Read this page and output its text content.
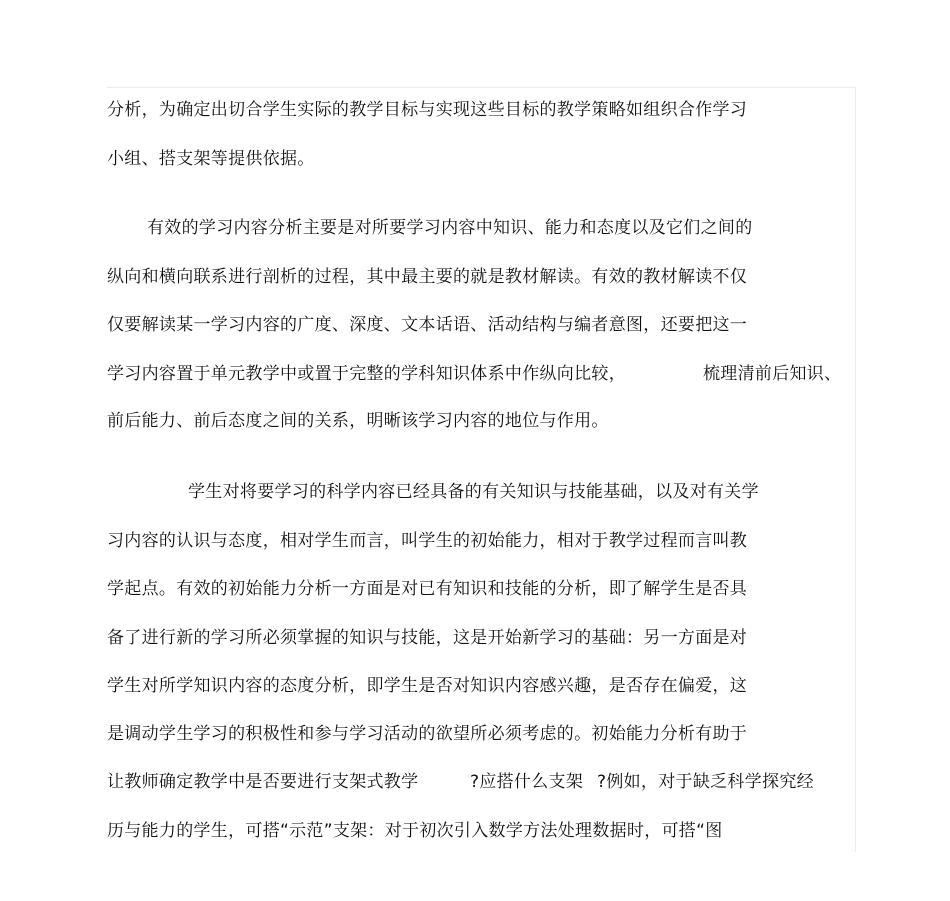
分析，为确定出切合学生实际的教学目标与实现这些目标的教学策略如组织合作学习
小组、搭支架等提供依据。
有效的学习内容分析主要是对所要学习内容中知识、能力和态度以及它们之间的
纵向和横向联系进行剖析的过程，其中最主要的就是教材解读。有效的教材解读不仅
仅要解读某一学习内容的广度、深度、文本话语、活动结构与编者意图，还要把这一
学习内容置于单元教学中或置于完整的学科知识体系中作纵向比较，	梳理清前后知识、
前后能力、前后态度之间的关系，明晰该学习内容的地位与作用。
学生对将要学习的科学内容已经具备的有关知识与技能基础，以及对有关学
习内容的认识与态度，相对学生而言，叫学生的初始能力，相对于教学过程而言叫教
学起点。有效的初始能力分析一方面是对已有知识和技能的分析，即了解学生是否具
备了进行新的学习所必须掌握的知识与技能，这是开始新学习的基础：另一方面是对
学生对所学知识内容的态度分析，即学生是否对知识内容感兴趣，是否存在偏爱，这
是调动学生学习的积极性和参与学习活动的欲望所必须考虑的。初始能力分析有助于
让教师确定教学中是否要进行支架式教学	?应搭什么支架 ?例如，对于缺乏科学探究经
历与能力的学生，可搭“示范”支架：对于初次引入数学方法处理数据时，可搭“图
